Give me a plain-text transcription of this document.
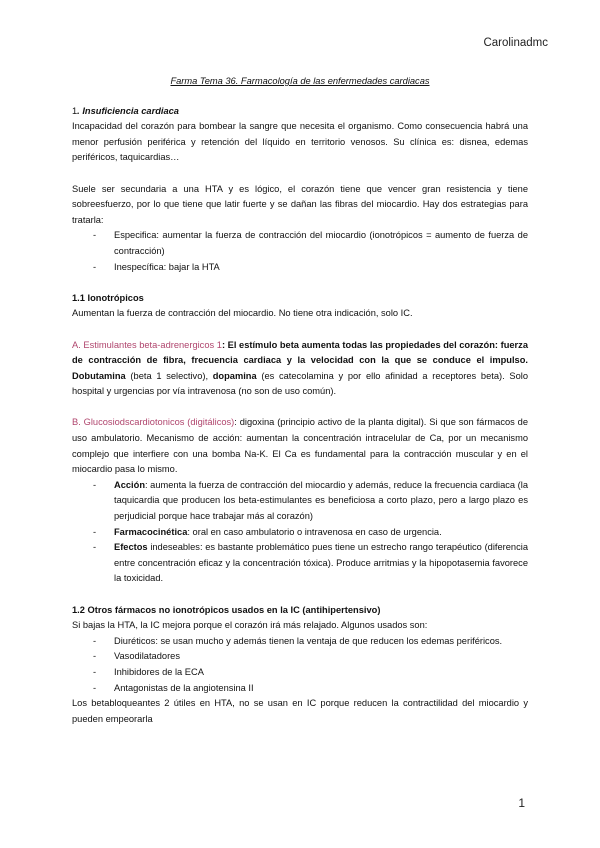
Carolinadmc

Farma Tema 36. Farmacología de las enfermedades cardiacas

1. Insuficiencia cardiaca

Incapacidad del corazón para bombear la sangre que necesita el organismo. Como consecuencia habrá una menor perfusión periférica y retención del líquido en territorio venosos. Su clínica es: disnea, edemas periféricos, taquicardias…

Suele ser secundaria a una HTA y es lógico, el corazón tiene que vencer gran resistencia y tiene sobreesfuerzo, por lo que tiene que latir fuerte y se dañan las fibras del miocardio. Hay dos estrategias para tratarla:

- Especifica: aumentar la fuerza de contracción del miocardio (ionotrópicos = aumento de fuerza de contracción)
- Inespecífica: bajar la HTA

1.1 Ionotrópicos

Aumentan la fuerza de contracción del miocardio. No tiene otra indicación, solo IC.

A. Estimulantes beta-adrenergicos 1: El estímulo beta aumenta todas las propiedades del corazón: fuerza de contracción de fibra, frecuencia cardiaca y la velocidad con la que se conduce el impulso. Dobutamina (beta 1 selectivo), dopamina (es catecolamina y por ello afinidad a receptores beta). Solo hospital y urgencias por vía intravenosa (no son de uso común).

B. Glucosiodscardiotonicos (digitálicos): digoxina (principio activo de la planta digital). Si que son fármacos de uso ambulatorio. Mecanismo de acción: aumentan la concentración intracelular de Ca, por un mecanismo complejo que interfiere con una bomba Na-K. El Ca es fundamental para la contracción muscular y en el miocardio pasa lo mismo.

- Acción: aumenta la fuerza de contracción del miocardio y además, reduce la frecuencia cardiaca (la taquicardia que producen los beta-estimulantes es beneficiosa a corto plazo, pero a largo plazo es perjudicial porque hace trabajar más al corazón)
- Farmacocinética: oral en caso ambulatorio o intravenosa en caso de urgencia.
- Efectos indeseables: es bastante problemático pues tiene un estrecho rango terapéutico (diferencia entre concentración eficaz y la concentración tóxica). Produce arritmias y la hipopotasemia favorece la toxicidad.

1.2 Otros fármacos no ionotrópicos usados en la IC (antihipertensivo)

Si bajas la HTA, la IC mejora porque el corazón irá más relajado. Algunos usados son:

- Diuréticos: se usan mucho y además tienen la ventaja de que reducen los edemas periféricos.
- Vasodilatadores
- Inhibidores de la ECA
- Antagonistas de la angiotensina II

Los betabloqueantes 2 útiles en HTA, no se usan en IC porque reducen la contractilidad del miocardio y pueden empeorarla

1
